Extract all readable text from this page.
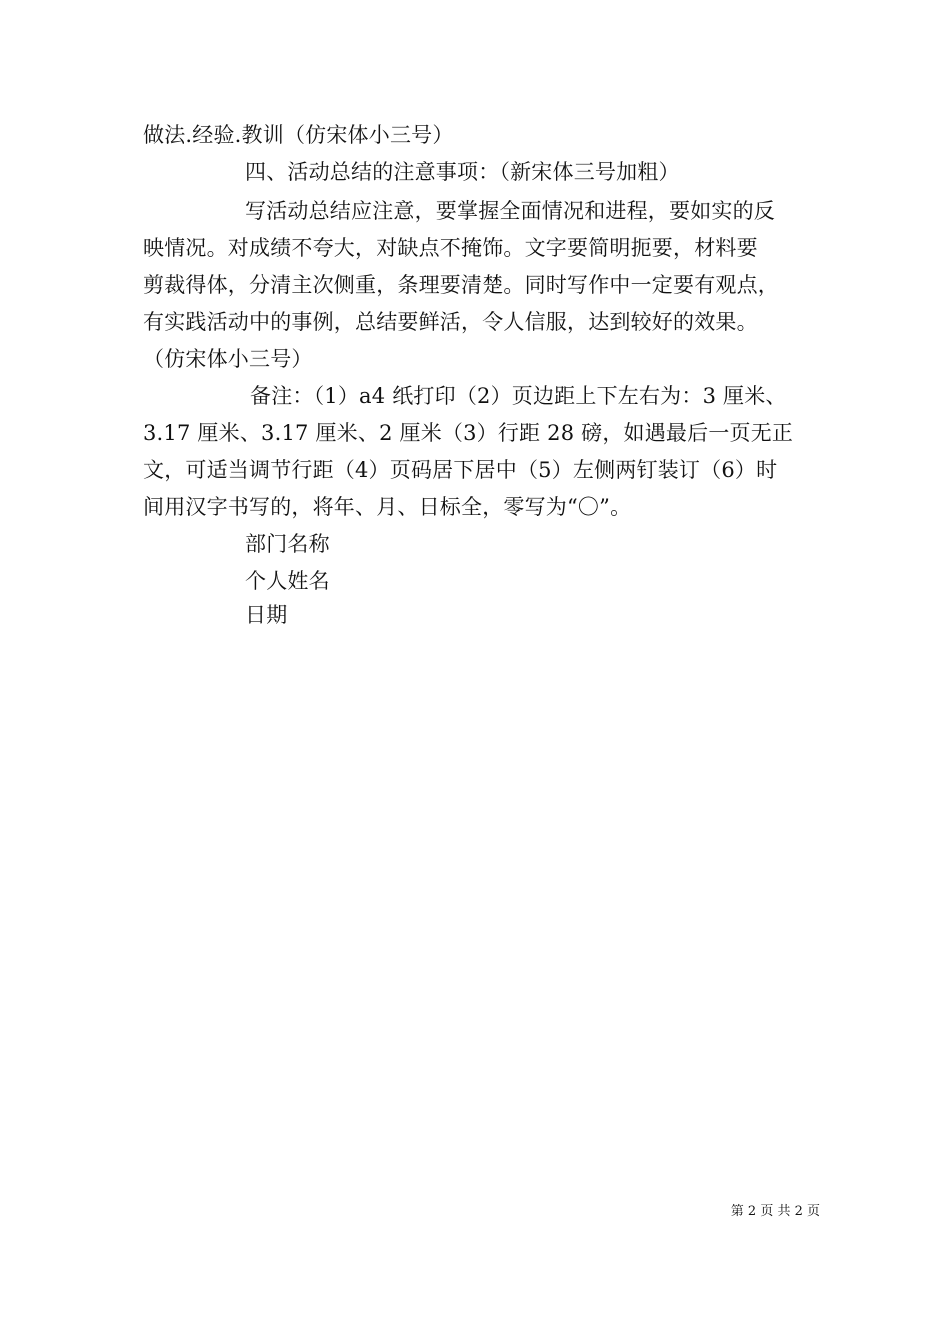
做法.经验.教训（仿宋体小三号）
四、活动总结的注意事项：（新宋体三号加粗）
写活动总结应注意，要掌握全面情况和进程，要如实的反
映情况。对成绩不夸大，对缺点不掩饰。文字要简明扼要，材料要
剪裁得体，分清主次侧重，条理要清楚。同时写作中一定要有观点，
有实践活动中的事例，总结要鲜活，令人信服，达到较好的效果。
（仿宋体小三号）
备注：（1）a4 纸打印（2）页边距上下左右为：3 厘米、
3.17 厘米、3.17 厘米、2 厘米（3）行距 28 磅，如遇最后一页无正
文，可适当调节行距（4）页码居下居中（5）左侧两钉装订（6）时
间用汉字书写的，将年、月、日标全，零写为“〇”。
部门名称
个人姓名
日期
第 2 页 共 2 页
